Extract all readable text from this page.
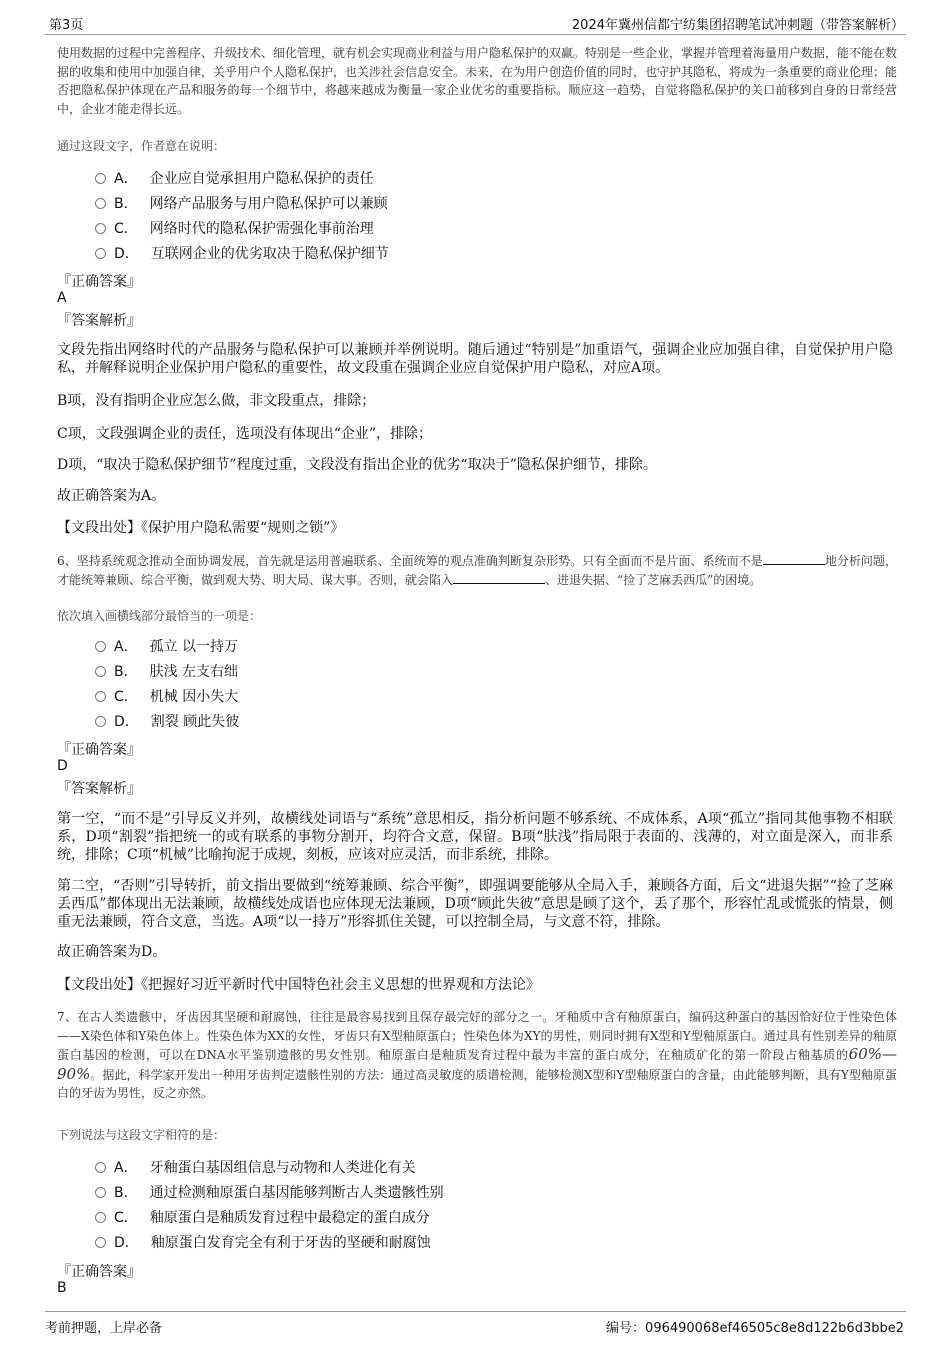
第3页	2024年冀州信都宁纺集团招聘笔试冲刺题（带答案解析）

使用数据的过程中完善程序、升级技术、细化管理，就有机会实现商业利益与用户隐私保护的双赢。特别是一些企业，掌握并管理着海量用户数据，能不能在数据的收集和使用中加强自律，关乎用户个人隐私保护，也关涉社会信息安全。未来，在为用户创造价值的同时，也守护其隐私，将成为一条重要的商业伦理；能否把隐私保护体现在产品和服务的每一个细节中，将越来越成为衡量一家企业优劣的重要指标。顺应这一趋势，自觉将隐私保护的关口前移到自身的日常经营中，企业才能走得长远。

通过这段文字，作者意在说明：
A． 企业应自觉承担用户隐私保护的责任
B． 网络产品服务与用户隐私保护可以兼顾
C． 网络时代的隐私保护需强化事前治理
D． 互联网企业的优劣取决于隐私保护细节
『正确答案』
A
『答案解析』

文段先指出网络时代的产品服务与隐私保护可以兼顾并举例说明。随后通过“特别是”加重语气，强调企业应加强自律，自觉保护用户隐私，并解释说明企业保护用户隐私的重要性，故文段重在强调企业应自觉保护用户隐私，对应A项。

B项，没有指明企业应怎么做，非文段重点，排除；

C项，文段强调企业的责任，选项没有体现出“企业”，排除；

D项，“取决于隐私保护细节”程度过重，文段没有指出企业的优劣“取决于”隐私保护细节，排除。

故正确答案为A。

【文段出处】《保护用户隐私需要“规则之锁”》

6、坚持系统观念推动全面协调发展，首先就是运用普遍联系、全面统筹的观点准确判断复杂形势。只有全面而不是片面、系统而不是	地分析问题，才能统筹兼顾、综合平衡，做到观大势、明大局、谋大事。否则，就会陷入	、进退失据、“捡了芝麻丢西瓜”的困境。

依次填入画横线部分最恰当的一项是：
A． 孤立 以一持万
B． 肤浅 左支右绌
C． 机械 因小失大
D． 割裂 顾此失彼
『正确答案』
D
『答案解析』

第一空，“而不是”引导反义并列，故横线处词语与“系统”意思相反，指分析问题不够系统、不成体系，A项“孤立”指同其他事物不相联系，D项“割裂”指把统一的或有联系的事物分割开，均符合文意，保留。B项“肤浅”指局限于表面的、浅薄的，对立面是深入，而非系统，排除；C项“机械”比喻拘泥于成规，刻板，应该对应灵活，而非系统，排除。

第二空，“否则”引导转折，前文指出要做到“统筹兼顾、综合平衡”，即强调要能够从全局入手，兼顾各方面，后文“进退失据”“捡了芝麻丢西瓜”都体现出无法兼顾，故横线处成语也应体现无法兼顾，D项“顾此失彼”意思是顾了这个，丢了那个，形容忙乱或慌张的情景，侧重无法兼顾，符合文意，当选。A项“以一持万”形容抓住关键，可以控制全局，与文意不符，排除。

故正确答案为D。

【文段出处】《把握好习近平新时代中国特色社会主义思想的世界观和方法论》

7、在古人类遗骸中，牙齿因其坚硬和耐腐蚀，往往是最容易找到且保存最完好的部分之一。牙釉质中含有釉原蛋白，编码这种蛋白的基因恰好位于性染色体——X染色体和Y染色体上。性染色体为XX的女性，牙齿只有X型釉原蛋白；性染色体为XY的男性，则同时拥有X型和Y型釉原蛋白。通过具有性别差异的釉原蛋白基因的检测，可以在DNA水平鉴别遗骸的男女性别。釉原蛋白是釉质发育过程中最为丰富的蛋白成分，在釉质矿化的第一阶段占釉基质的60%—90%。据此，科学家开发出一种用牙齿判定遗骸性别的方法：通过高灵敏度的质谱检测，能够检测X型和Y型釉原蛋白的含量，由此能够判断，具有Y型釉原蛋白的牙齿为男性，反之亦然。

下列说法与这段文字相符的是：
A． 牙釉蛋白基因组信息与动物和人类进化有关
B． 通过检测釉原蛋白基因能够判断古人类遗骸性别
C． 釉原蛋白是釉质发育过程中最稳定的蛋白成分
D． 釉原蛋白发育完全有利于牙齿的坚硬和耐腐蚀
『正确答案』
B
考前押题，上岸必备	编号：096490068ef46505c8e8d122b6d3bbe2
